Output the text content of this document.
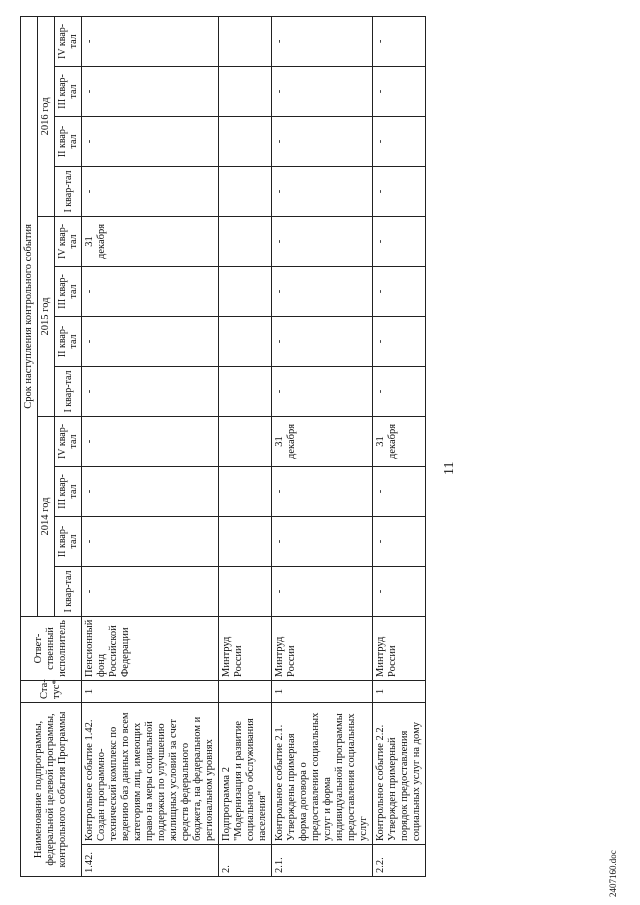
11
Наименование подпрограммы, федеральной целевой программы, контрольного события Программы		Ста-тус*	Ответ-ственный исполнитель	Срок наступления контрольного события											
				2014 год				2015 год				2016 год			
				I квар-тал	II квар-тал	III квар-тал	IV квар-тал	I квар-тал	II квар-тал	III квар-тал	IV квар-тал	I квар-тал	II квар-тал	III квар-тал	IV квар-тал
1.42.	Контрольное событие 1.42. Создан программно-технический комплекс по ведению баз данных по всем категориям лиц, имеющих право на меры социальной поддержки по улучшению жилищных условий за счет средств федерального бюджета, на федеральном и региональном уровнях	1	Пенсионный фонд Российской Федерации	-	-	-	-	-	-	-	31 декабря	-	-	-	-
2.	Подпрограмма 2 "Модернизация и развитие социального обслуживания населения"		Минтруд России												
2.1.	Контрольное событие 2.1. Утверждены примерная форма договора о предоставлении социальных услуг и форма индивидуальной программы предоставления социальных услуг	1	Минтруд России	-	-	-	31 декабря	-	-	-	-	-	-	-	-
2.2.	Контрольное событие 2.2. Утвержден примерный порядок предоставления социальных услуг на дому	1	Минтруд России	-	-	-	31 декабря	-	-	-	-	-	-	-	-
2407160.doc
